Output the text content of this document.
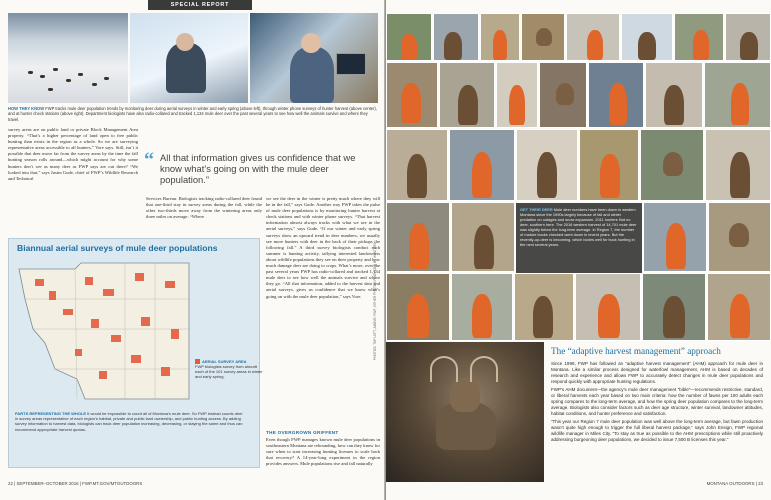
SPECIAL REPORT
HOW THEY KNOW FWP tracks mule deer population trends by monitoring deer during aerial surveys in winter and early spring (above left), through winter phone surveys of hunter harvest (above center), and at hunter check stations (above right). Department biologists have also radio-collared and tracked 1,134 mule deer over the past several years to see how well the animals survive and where they travel.
survey areas are on public land or private Block Management Area property. “That’s a higher percentage of land open to free public hunting than exists in the region as a whole. So we are surveying representative areas accessible to all hunters,” Vore says. Still, isn’t it possible that deer move far from the survey areas by the time the fall hunting season rolls around—which might account for why some hunters don’t see as many deer as FWP says are out there? “We looked into that,” says Justin Gude, chief of FWP’s Wildlife Research and Technical
“ All that information gives us confidence that we know what’s going on with the mule deer population.”
Services Bureau. Biologists tracking radio-collared deer found that one-third stay in survey areas during the fall, while the other two-thirds move away from the wintering areas only three miles on average. “Where
we see the deer in the winter is pretty much where they will be in the fall,” says Gude. Another way FWP takes the pulse of mule deer populations is by monitoring hunter harvest at check stations and with winter phone surveys. “That harvest information almost always tracks with what we see in the aerial surveys,” says Gude. “If our winter and early spring surveys show an upward trend in deer numbers, we usually see more hunters with deer in the back of their pickups the following fall.” A third survey biologists conduct each summer is hunting activity, tallying interested landowners about wildlife populations they see on their property and how much damage deer are doing to crops. What’s more, over the past several years FWP has radio-collared and tracked 1,134 mule deer to see how well the animals survive and where they go. “All that information, added to the harvest data and aerial surveys, gives us confidence that we know what’s going on with the mule deer population,” says Vore.
Biannual aerial surveys of mule deer populations
AERIAL SURVEY AREA
FWP biologists survey from aircraft each of the 101 survey areas in winter and early spring.
PARTS REPRESENTING THE WHOLE It would be impossible to count all of Montana’s mule deer. So FWP instead counts deer in survey areas representative of each region’s habitat, private and public land ownership, and public hunting access. By adding survey information to harvest data, biologists can track deer population increasing, decreasing, or staying the same and thus can recommend appropriate harvest quotas.
THE OVERGROWN GRIFFENT
Even though FWP manages known mule deer populations in southeastern Montana are rebounding, how can they know for sure when to start increasing hunting licenses to scale back that recovery? A 14-year-long experiment in the region provides answers. Mule populations rise and fall naturally
PHOTOS: TOP LEFT, ABOVE: FWP; OTHER PHOTOS PROVIDED BY HUNTERS
22 | SEPTEMBER–OCTOBER 2016 | FWP.MT.GOV/MTOUTDOORS
GET THEIR DEER Mule deer numbers have been down in western Montana since the 1990s largely because of fall and winter predation on outages and snow expansion. 2011 hunters find no deer, southern here. The 2016 western harvest of 14,701 mule deer was slightly below the long-term average. In Region 7, the number of mature bucks checked went down in recent years. But the recently-up-deer is becoming, which bodes well for buck hunting in the next several years.
The “adaptive harvest management” approach

Since 1998, FWP has followed an “adaptive harvest management” (AHM) approach for mule deer in Montana. Like a similar process designed for waterfowl management, AHM is based on decades of research and experience and allows FWP to accurately detect changes in mule deer populations and respond quickly with appropriate hunting regulations.

FWP’s AHM document—the agency’s mule deer management “bible”—recommends restrictive, standard, or liberal harvests each year based on two main criteria: how the number of fawns per 100 adults each spring compares to the long-term average, and how the spring deer population compares to the long-term average. Biologists also consider factors such as deer age structure, winter survival, landowner attitudes, habitat conditions, and hunter preference and satisfaction.

“This year our Region 7 mule deer population was well above the long-term average, but fawn production wasn’t quite high enough to trigger the full liberal harvest package,” says John Ensign, FWP regional wildlife manager in Miles City. “To stay as true as possible to the AHM prescriptions while still proactively addressing burgeoning deer populations, we decided to issue 7,500 B licenses this year.”

MONTANA OUTDOORS | 23
